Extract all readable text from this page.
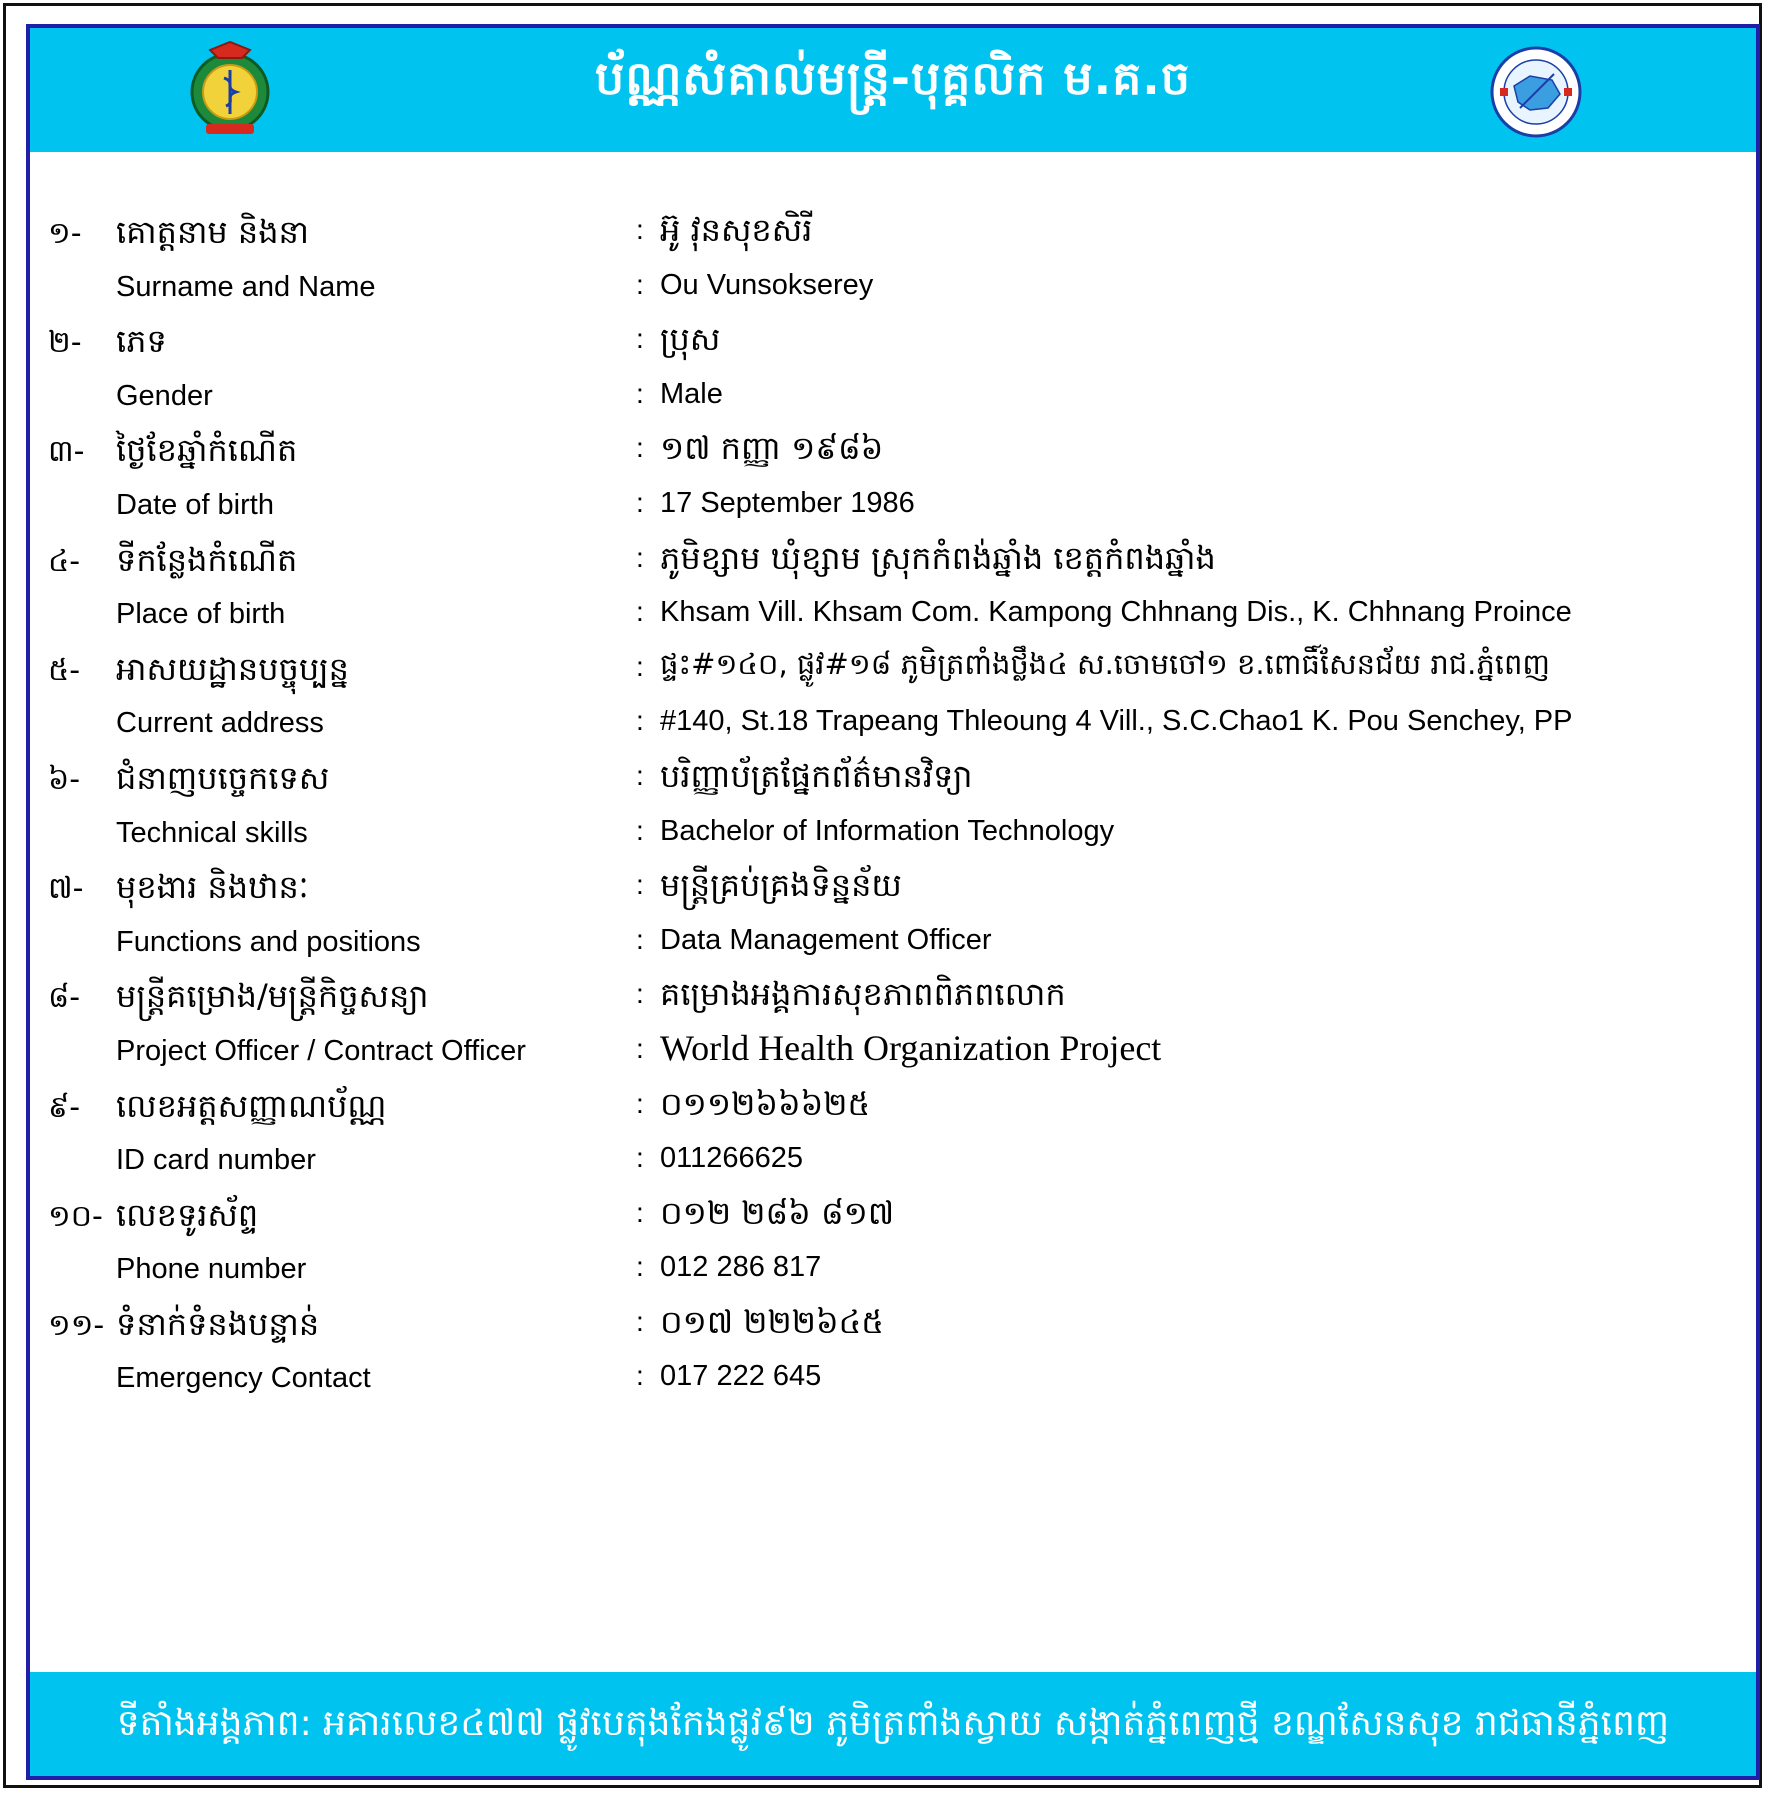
ប័ណ្ណសំគាល់មន្ត្រី-បុគ្គលិក ម.គ.ច
១- គោត្តនាម និងនា	: អ៊ូ វុនសុខសិរី
Surname and Name	: Ou Vunsokserey
២- ភេទ	: ប្រុស
Gender	: Male
៣- ថ្ងៃខែឆ្នាំកំណើត	: ១៧ កញ្ញា ១៩៨៦
Date of birth	: 17 September 1986
៤- ទីកន្លែងកំណើត	: ភូមិខ្សាម ឃុំខ្សាម ស្រុកកំពង់ឆ្នាំង ខេត្តកំពងឆ្នាំង
Place of birth	: Khsam Vill. Khsam Com. Kampong Chhnang Dis., K. Chhnang Proince
៥- អាសយដ្ឋានបច្ចុប្បន្ន	: ផ្ទះ#១៤០, ផ្លូវ#១៨ ភូមិត្រពាំងថ្លឹង៤ ស.ចោមចៅ១ ខ.ពោធិ៍សែនជ័យ រាជ.ភ្នំពេញ
Current address	: #140, St.18 Trapeang Thleoung 4 Vill., S.C.Chao1 K. Pou Senchey, PP
៦- ជំនាញបច្ចេកទេស	: បរិញ្ញាប័ត្រផ្នែកព័ត៌មានវិទ្យា
Technical skills	: Bachelor of Information Technology
៧- មុខងារ និងឋានៈ	: មន្ត្រីគ្រប់គ្រងទិន្នន័យ
Functions and positions	: Data Management Officer
៨- មន្ត្រីគម្រោង/មន្ត្រីកិច្ចសន្យា	: គម្រោងអង្គការសុខភាពពិភពលោក
Project Officer / Contract Officer	: World Health Organization Project
៩- លេខអត្តសញ្ញាណប័ណ្ណ	: ០១១២៦៦៦២៥
ID card number	: 011266625
១០- លេខទូរស័ព្ទ	: ០១២ ២៨៦ ៨១៧
Phone number	: 012 286 817
១១- ទំនាក់ទំនងបន្ទាន់	: ០១៧ ២២២៦៤៥
Emergency Contact	: 017 222 645
ទីតាំងអង្គភាព: អគារលេខ៤៧៧ ផ្លូវបេតុងកែងផ្លូវ៩២ ភូមិត្រពាំងស្វាយ សង្កាត់ភ្នំពេញថ្មី ខណ្ឌសែនសុខ រាជធានីភ្នំពេញ
